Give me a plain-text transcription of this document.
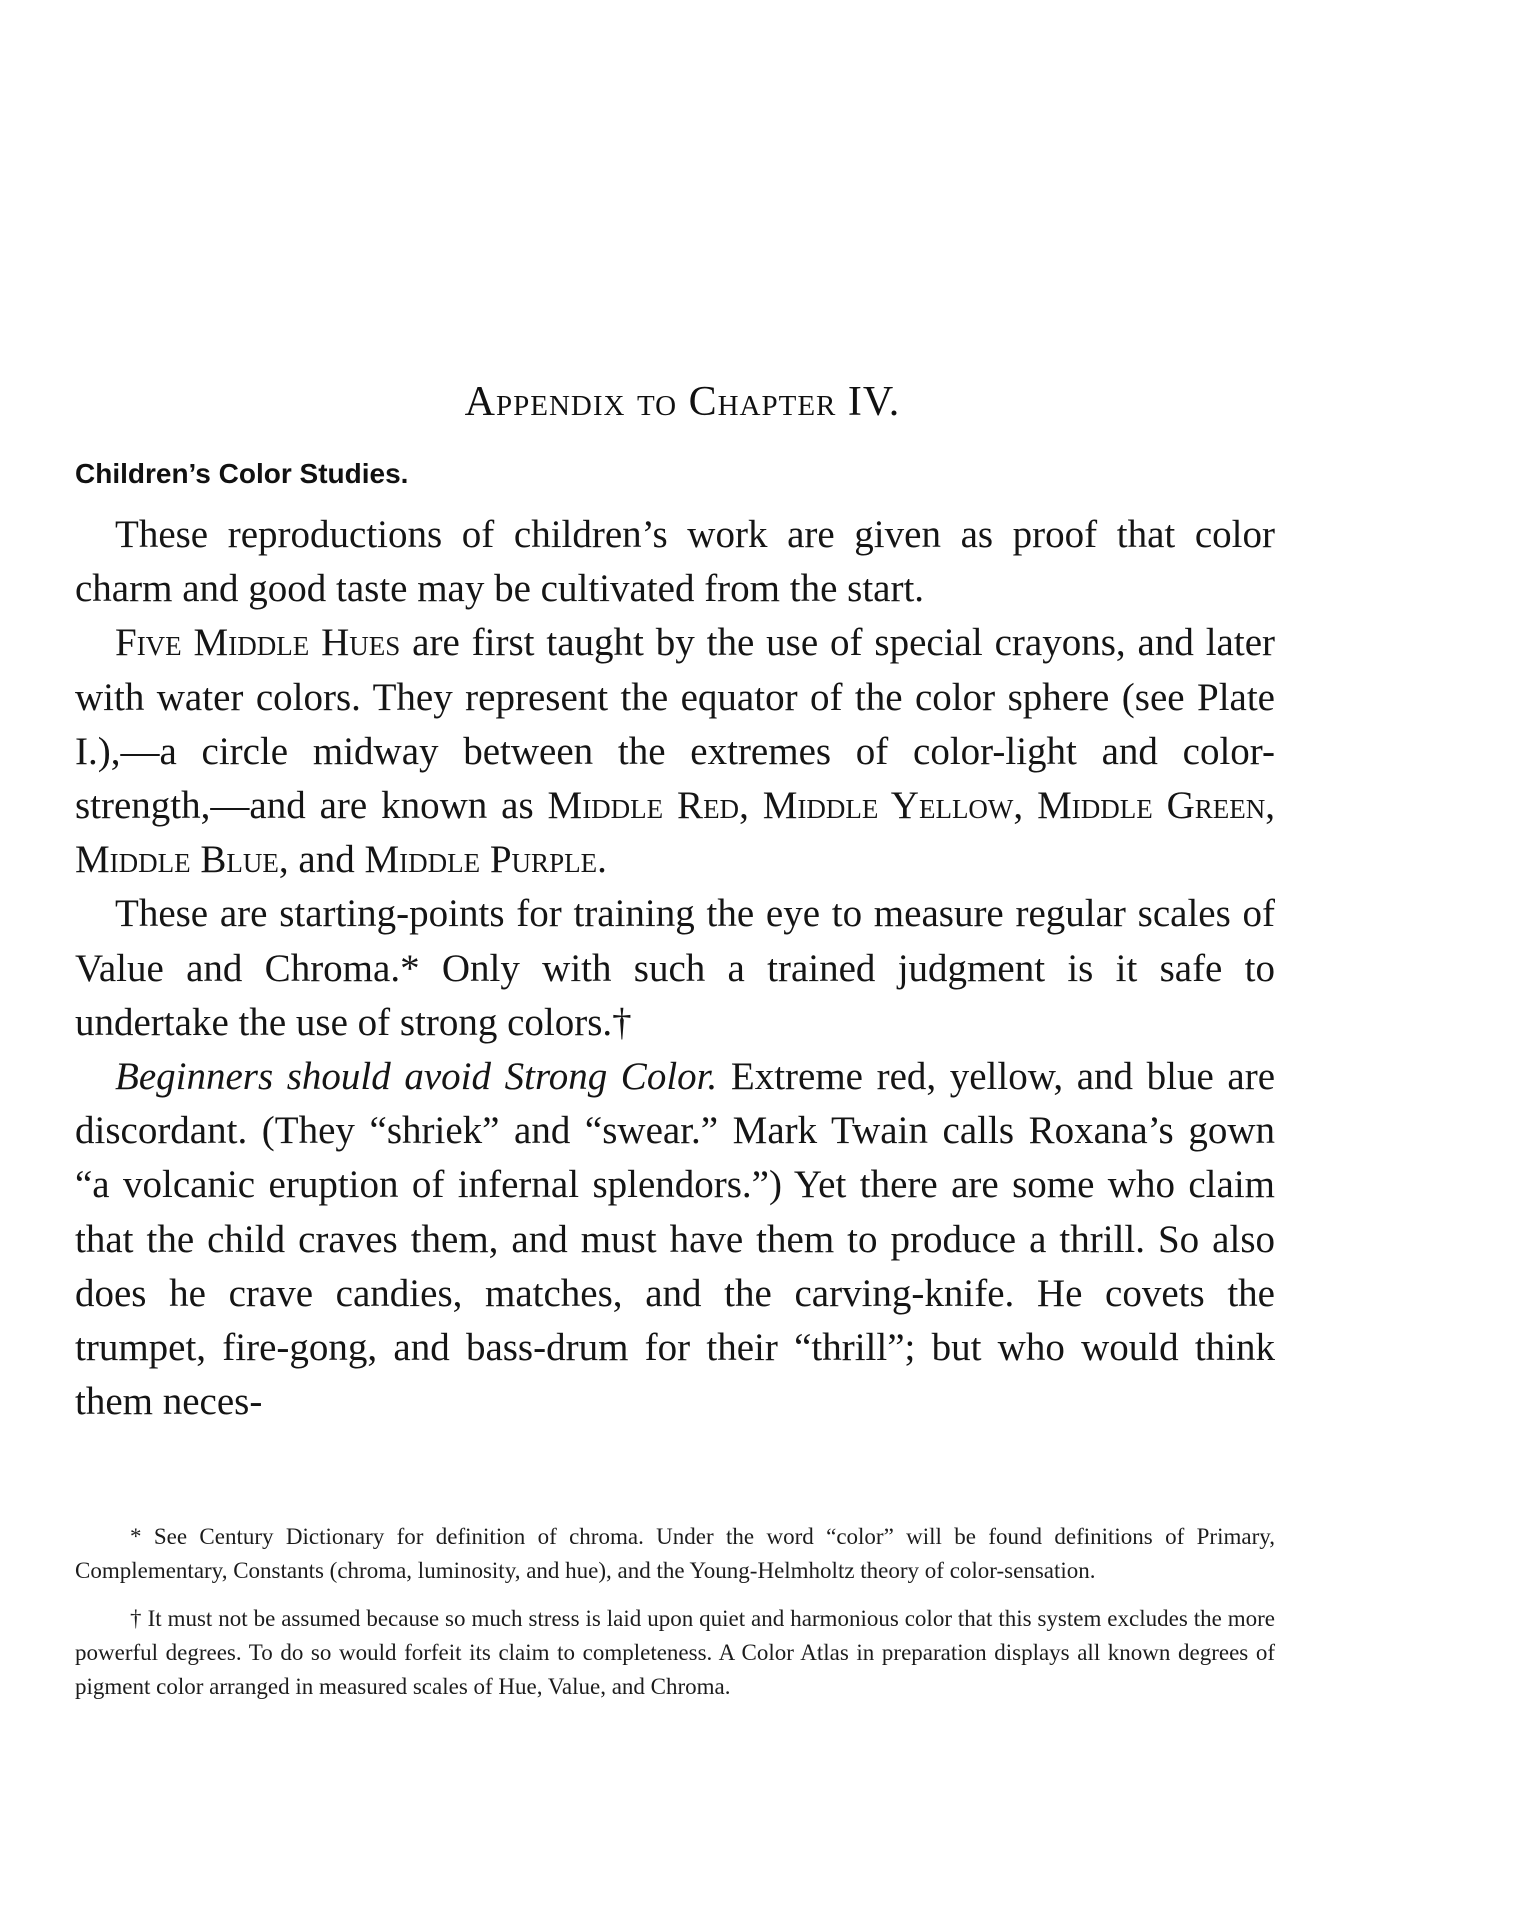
Appendix to Chapter IV.
Children’s Color Studies.

These reproductions of children’s work are given as proof that color charm and good taste may be cultivated from the start.

Five Middle Hues are first taught by the use of special crayons, and later with water colors. They represent the equator of the color sphere (see Plate I.),—a circle midway between the extremes of color-light and color-strength,—and are known as Middle Red, Middle Yellow, Middle Green, Middle Blue, and Middle Purple.

These are starting-points for training the eye to measure regular scales of Value and Chroma.* Only with such a trained judgment is it safe to undertake the use of strong colors.†

Beginners should avoid Strong Color. Extreme red, yellow, and blue are discordant. (They “shriek” and “swear.” Mark Twain calls Roxana’s gown “a volcanic eruption of infernal splendors.”) Yet there are some who claim that the child craves them, and must have them to produce a thrill. So also does he crave candies, matches, and the carving-knife. He covets the trumpet, fire-gong, and bass-drum for their “thrill”; but who would think them neces-

* See Century Dictionary for definition of chroma. Under the word “color” will be found definitions of Primary, Complementary, Constants (chroma, luminosity, and hue), and the Young-Helmholtz theory of color-sensation.

† It must not be assumed because so much stress is laid upon quiet and harmonious color that this system excludes the more powerful degrees. To do so would forfeit its claim to completeness. A Color Atlas in preparation displays all known degrees of pigment color arranged in measured scales of Hue, Value, and Chroma.
